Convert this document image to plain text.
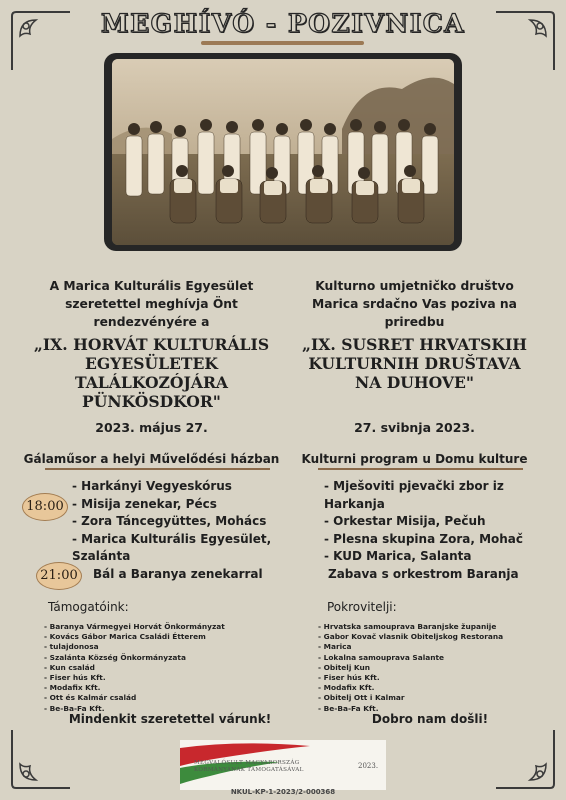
MEGHÍVÓ - POZIVNICA
A Marica Kulturális Egyesület
szeretettel meghívja Önt
rendezvényére a
„IX. HORVÁT KULTURÁLIS
EGYESÜLETEK
TALÁLKOZÓJÁRA
PÜNKÖSDKOR"
2023. május 27.
Kulturno umjetničko društvo
Marica srdačno Vas poziva na
priredbu
„IX. SUSRET HRVATSKIH
KULTURNIH DRUŠTAVA
NA DUHOVE"
27. svibnja 2023.
Gálaműsor a helyi Művelődési házban	Kulturni program u Domu kulture
18:00
- Harkányi Vegyeskórus
- Misija zenekar, Pécs
- Zora Táncegyüttes, Mohács
- Marica Kulturális Egyesület, Szalánta
- Mješoviti pjevački zbor iz Harkanja
- Orkestar Misija, Pečuh
- Plesna skupina Zora, Mohač
- KUD Marica, Salanta
21:00	Bál a Baranya zenekarral	Zabava s orkestrom Baranja
Támogatóink:	Pokrovitelji:
- Baranya Vármegyei Horvát Önkormányzat
- Kovács Gábor Marica Családi Étterem
- tulajdonosa
- Szalánta Község Önkormányzata
- Kun család
- Fiser hús Kft.
- Modafix Kft.
- Ott és Kalmár család
- Be-Ba-Fa Kft.
- Hrvatska samouprava Baranjske županije
- Gabor Kovač vlasnik Obiteljskog Restorana
- Marica
- Lokalna samouprava Salante
- Obitelj Kun
- Fiser hús Kft.
- Modafix Kft.
- Obitelj Ott i Kalmar
- Be-Ba-Fa Kft.
Mindenkit szeretettel várunk!	Dobro nam došli!
MEGVALÓSULT MAGYARORSZÁG
KORMÁNYÁNAK TÁMOGATÁSÁVAL	2023.
NKUL-KP-1-2023/2-000368
